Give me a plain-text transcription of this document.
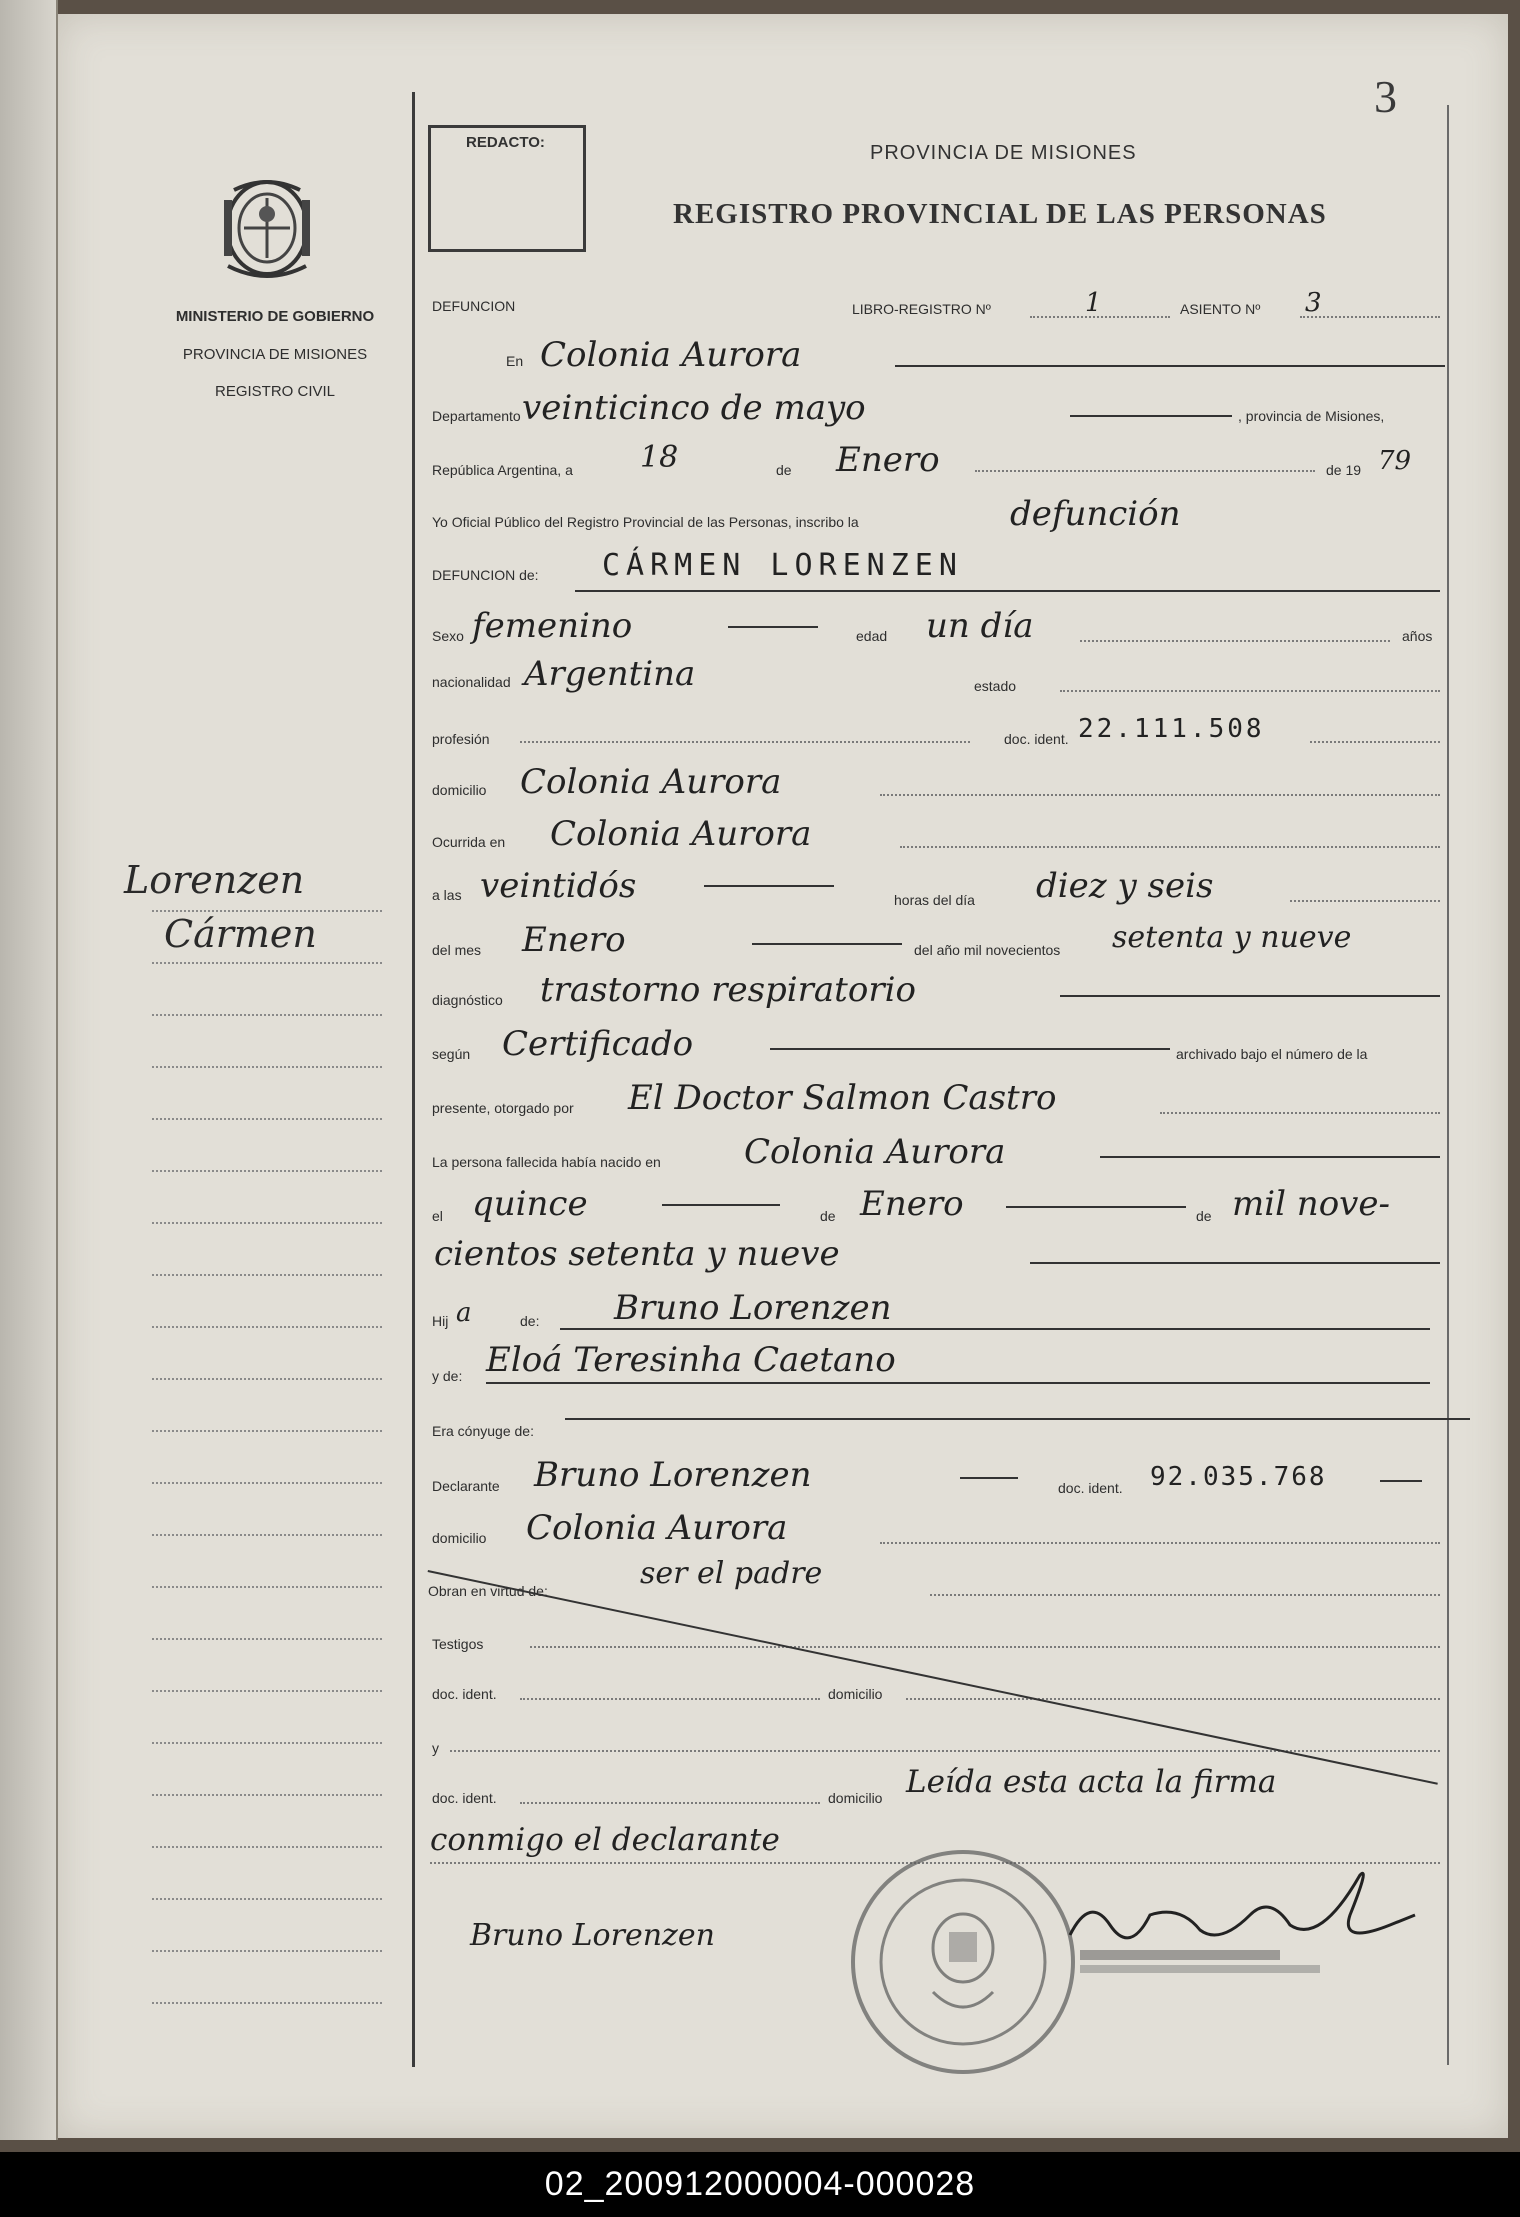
3
REDACTO:	PROVINCIA DE MISIONES
REGISTRO PROVINCIAL DE LAS PERSONAS
MINISTERIO DE GOBIERNO
PROVINCIA DE MISIONES
REGISTRO CIVIL
Lorenzen
Cármen
DEFUNCION	LIBRO-REGISTRO Nº	1	ASIENTO Nº 3
En Colonia Aurora
Departamento veinticinco de mayo	, provincia de Misiones,
República Argentina, a 18	de Enero	de 19 79
Yo Oficial Público del Registro Provincial de las Personas, inscribo la	defunción
DEFUNCION de: CÁRMEN LORENZEN
Sexo femenino	edad un día	años
nacionalidad Argentina	estado
profesión	doc. ident. 22.111.508
domicilio Colonia Aurora
Ocurrida en Colonia Aurora
a las veintidós	horas del día diez y seis
del mes Enero	del año mil novecientos setenta y nueve
diagnóstico trastorno respiratorio
según Certificado	archivado bajo el número de la
presente, otorgado por El Doctor Salmon Castro
La persona fallecida había nacido en Colonia Aurora
el quince	de Enero	de mil nove-
cientos setenta y nueve
Hij a	de: Bruno Lorenzen
y de: Eloá Teresinha Caetano
Era cónyuge de:
Declarante Bruno Lorenzen	doc. ident. 92.035.768
domicilio Colonia Aurora
Obran en virtud de:	ser el padre
Testigos
doc. ident.	domicilio
y
doc. ident.	domicilio Leída esta acta la firma
conmigo el declarante
Bruno Lorenzen
02_200912000004-000028
